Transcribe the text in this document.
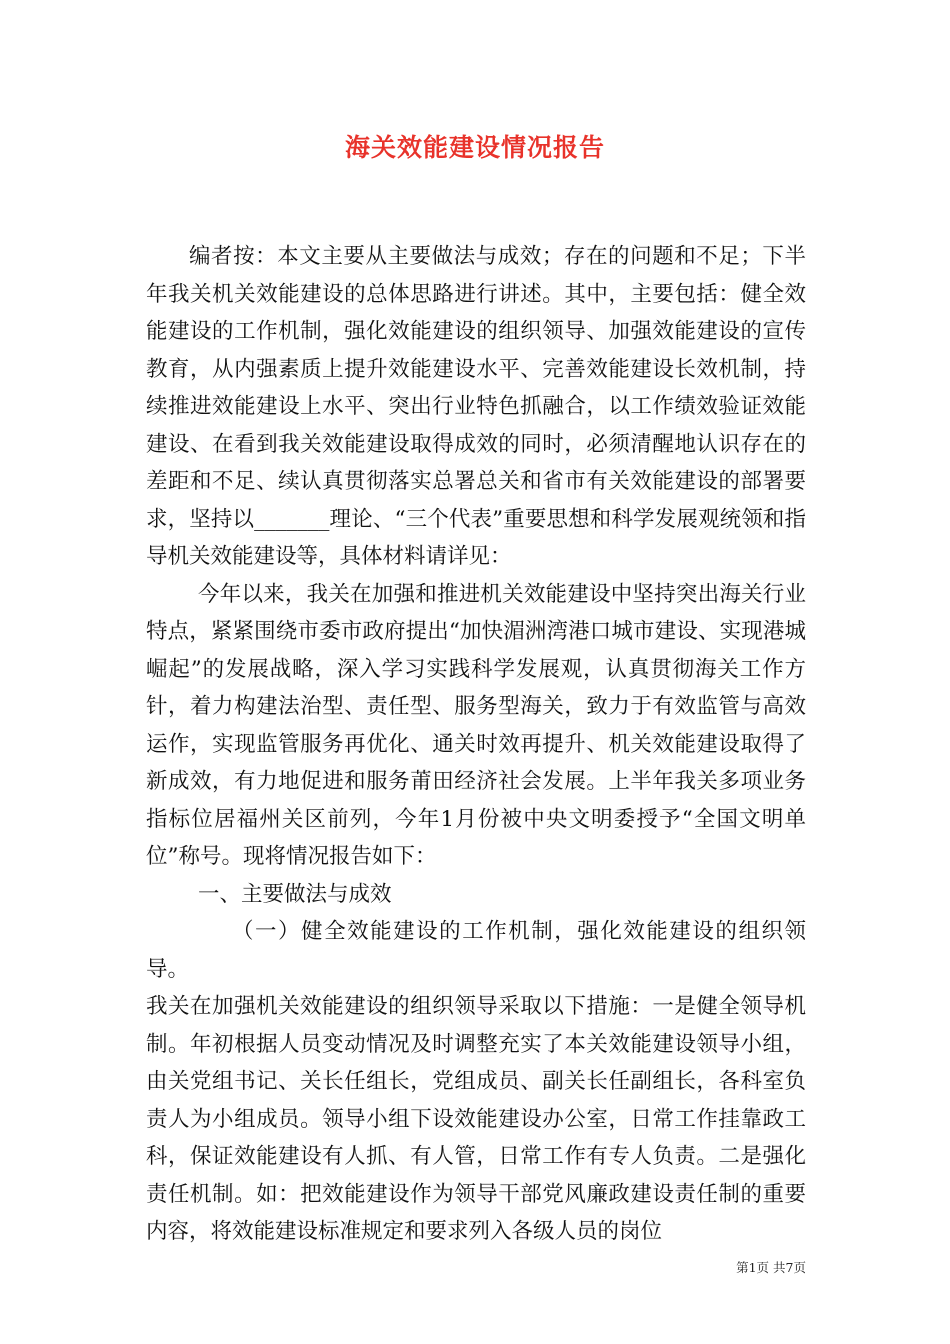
海关效能建设情况报告

编者按：本文主要从主要做法与成效；存在的问题和不足；下半年我关机关效能建设的总体思路进行讲述。其中，主要包括：健全效能建设的工作机制，强化效能建设的组织领导、加强效能建设的宣传教育，从内强素质上提升效能建设水平、完善效能建设长效机制，持续推进效能建设上水平、突出行业特色抓融合，以工作绩效验证效能建设、在看到我关效能建设取得成效的同时，必须清醒地认识存在的差距和不足、续认真贯彻落实总署总关和省市有关效能建设的部署要求，坚持以_______理论、“三个代表”重要思想和科学发展观统领和指导机关效能建设等，具体材料请详见：

今年以来，我关在加强和推进机关效能建设中坚持突出海关行业特点，紧紧围绕市委市政府提出“加快湄洲湾港口城市建设、实现港城崛起”的发展战略，深入学习实践科学发展观，认真贯彻海关工作方针，着力构建法治型、责任型、服务型海关，致力于有效监管与高效运作，实现监管服务再优化、通关时效再提升、机关效能建设取得了新成效，有力地促进和服务莆田经济社会发展。上半年我关多项业务指标位居福州关区前列，今年1月份被中央文明委授予“全国文明单位”称号。现将情况报告如下：

一、主要做法与成效

（一）健全效能建设的工作机制，强化效能建设的组织领导。

我关在加强机关效能建设的组织领导采取以下措施：一是健全领导机制。年初根据人员变动情况及时调整充实了本关效能建设领导小组，由关党组书记、关长任组长，党组成员、副关长任副组长，各科室负责人为小组成员。领导小组下设效能建设办公室，日常工作挂靠政工科，保证效能建设有人抓、有人管，日常工作有专人负责。二是强化责任机制。如：把效能建设作为领导干部党风廉政建设责任制的重要内容，将效能建设标准规定和要求列入各级人员的岗位

第1页 共7页
